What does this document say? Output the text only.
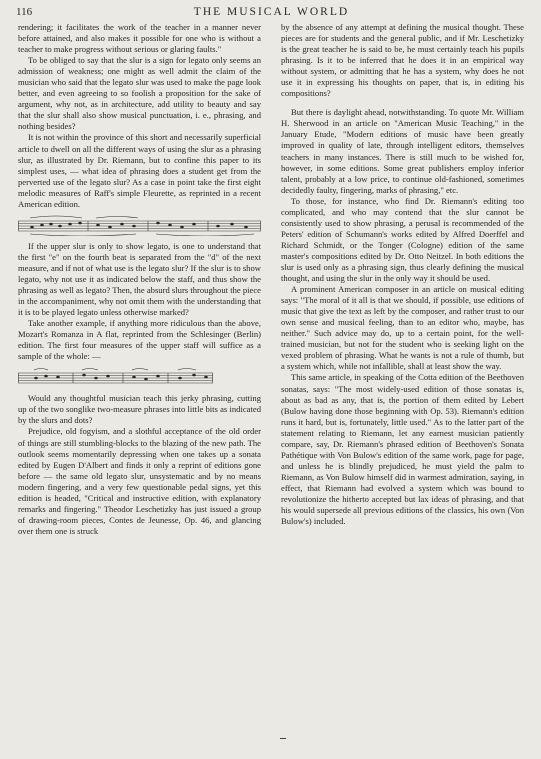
116	THE MUSICAL WORLD

rendering; it facilitates the work of the teacher in a manner never before attained, and also makes it possible for one who is without a teacher to make progress without serious or glaring faults."

To be obliged to say that the slur is a sign for legato only seems an admission of weakness; one might as well admit the claim of the musician who said that the legato slur was used to make the page look better, and even agreeing to so foolish a proposition for the sake of argument, why not, as in architecture, add utility to beauty and say that the slur shall also show musical punctuation, i. e., phrasing, and nothing besides?

It is not within the province of this short and necessarily superficial article to dwell on all the different ways of using the slur as a phrasing slur, as illustrated by Dr. Riemann, but to confine this paper to its simplest uses, — what idea of phrasing does a student get from the perverted use of the legato slur? As a case in point take the first eight melodic measures of Raff's simple Fleurette, as reprinted in a recent American edition.

If the upper slur is only to show legato, is one to understand that the first "e" on the fourth beat is separated from the "d" of the next measure, and if not of what use is the legato slur? If the slur is to show legato, why not use it as indicated below the staff, and thus show the phrasing as well as legato? Then, the absurd slurs throughout the piece in the accompaniment, why not omit them with the understanding that it is to be played legato unless otherwise marked?

Take another example, if anything more ridiculous than the above, Mozart's Romanza in A flat, reprinted from the Schlesinger (Berlin) edition. The first four measures of the upper staff will suffice as a sample of the whole: —

Would any thoughtful musician teach this jerky phrasing, cutting up of the two songlike two-measure phrases into little bits as indicated by the slurs and dots?

Prejudice, old fogyism, and a slothful acceptance of the old order of things are still stumbling-blocks to the blazing of the new path. The outlook seems momentarily depressing when one takes up a sonata edited by Eugen D'Albert and finds it only a reprint of editions gone before — the same old legato slur, unsystematic and by no means modern fingering, and a very few questionable pedal signs, yet this edition is headed, "Critical and instructive edition, with explanatory remarks and fingering." Theodor Leschetizky has just issued a group of drawing-room pieces, Contes de Jeunesse, Op. 46, and glancing over them one is struck

by the absence of any attempt at defining the musical thought. These pieces are for students and the general public, and if Mr. Leschetizky is the great teacher he is said to be, he must certainly teach his pupils phrasing. Is it to be inferred that he does it in an empirical way without system, or admitting that he has a system, why does he not use it in expressing his thoughts on paper, that is, in editing his compositions?

But there is daylight ahead, notwithstanding. To quote Mr. William H. Sherwood in an article on "American Music Teaching," in the January Etude, "Modern editions of music have been greatly improved in quality of late, through intelligent editors, themselves teachers in many instances. There is still much to be wished for, however, in some editions. Some great publishers employ inferior talent, probably at a low price, to continue old-fashioned, sometimes decidedly faulty, fingering, marks of phrasing," etc.

To those, for instance, who find Dr. Riemann's editing too complicated, and who may contend that the slur cannot be consistently used to show phrasing, a perusal is recommended of the Peters' edition of Schumann's works edited by Alfred Doerffel and Richard Schmidt, or the Tonger (Cologne) edition of the same master's compositions edited by Dr. Otto Neitzel. In both editions the slur is used only as a phrasing sign, thus clearly defining the musical thought, and using the slur in the only way it should be used.

A prominent American composer in an article on musical editing says: "The moral of it all is that we should, if possible, use editions of music that give the text as left by the composer, and rather trust to our own sense and musical feeling, than to an editor who, maybe, has neither." Such advice may do, up to a certain point, for the well-trained musician, but not for the student who is seeking light on the vexed problem of phrasing. What he wants is not a rule of thumb, but a system which, while not infallible, shall at least show the way.

This same article, in speaking of the Cotta edition of the Beethoven sonatas, says: "The most widely-used edition of those sonatas is, about as bad as any, that is, the portion of them edited by Lebert (Bulow having done those beginning with Op. 53). Riemann's edition runs it hard, but is, fortunately, little used." As to the latter part of the statement relating to Riemann, let any earnest musician patiently compare, say, Dr. Riemann's phrased edition of Beethoven's Sonata Pathétique with Von Bulow's edition of the same work, page for page, and unless he is blindly prejudiced, he must yield the palm to Riemann, as Von Bulow himself did in warmest admiration, saying, in effect, that Riemann had evolved a system which was bound to revolutionize the hitherto accepted but lax ideas of phrasing, and that his would supersede all previous editions of the classics, his own (Von Bulow's) included.
